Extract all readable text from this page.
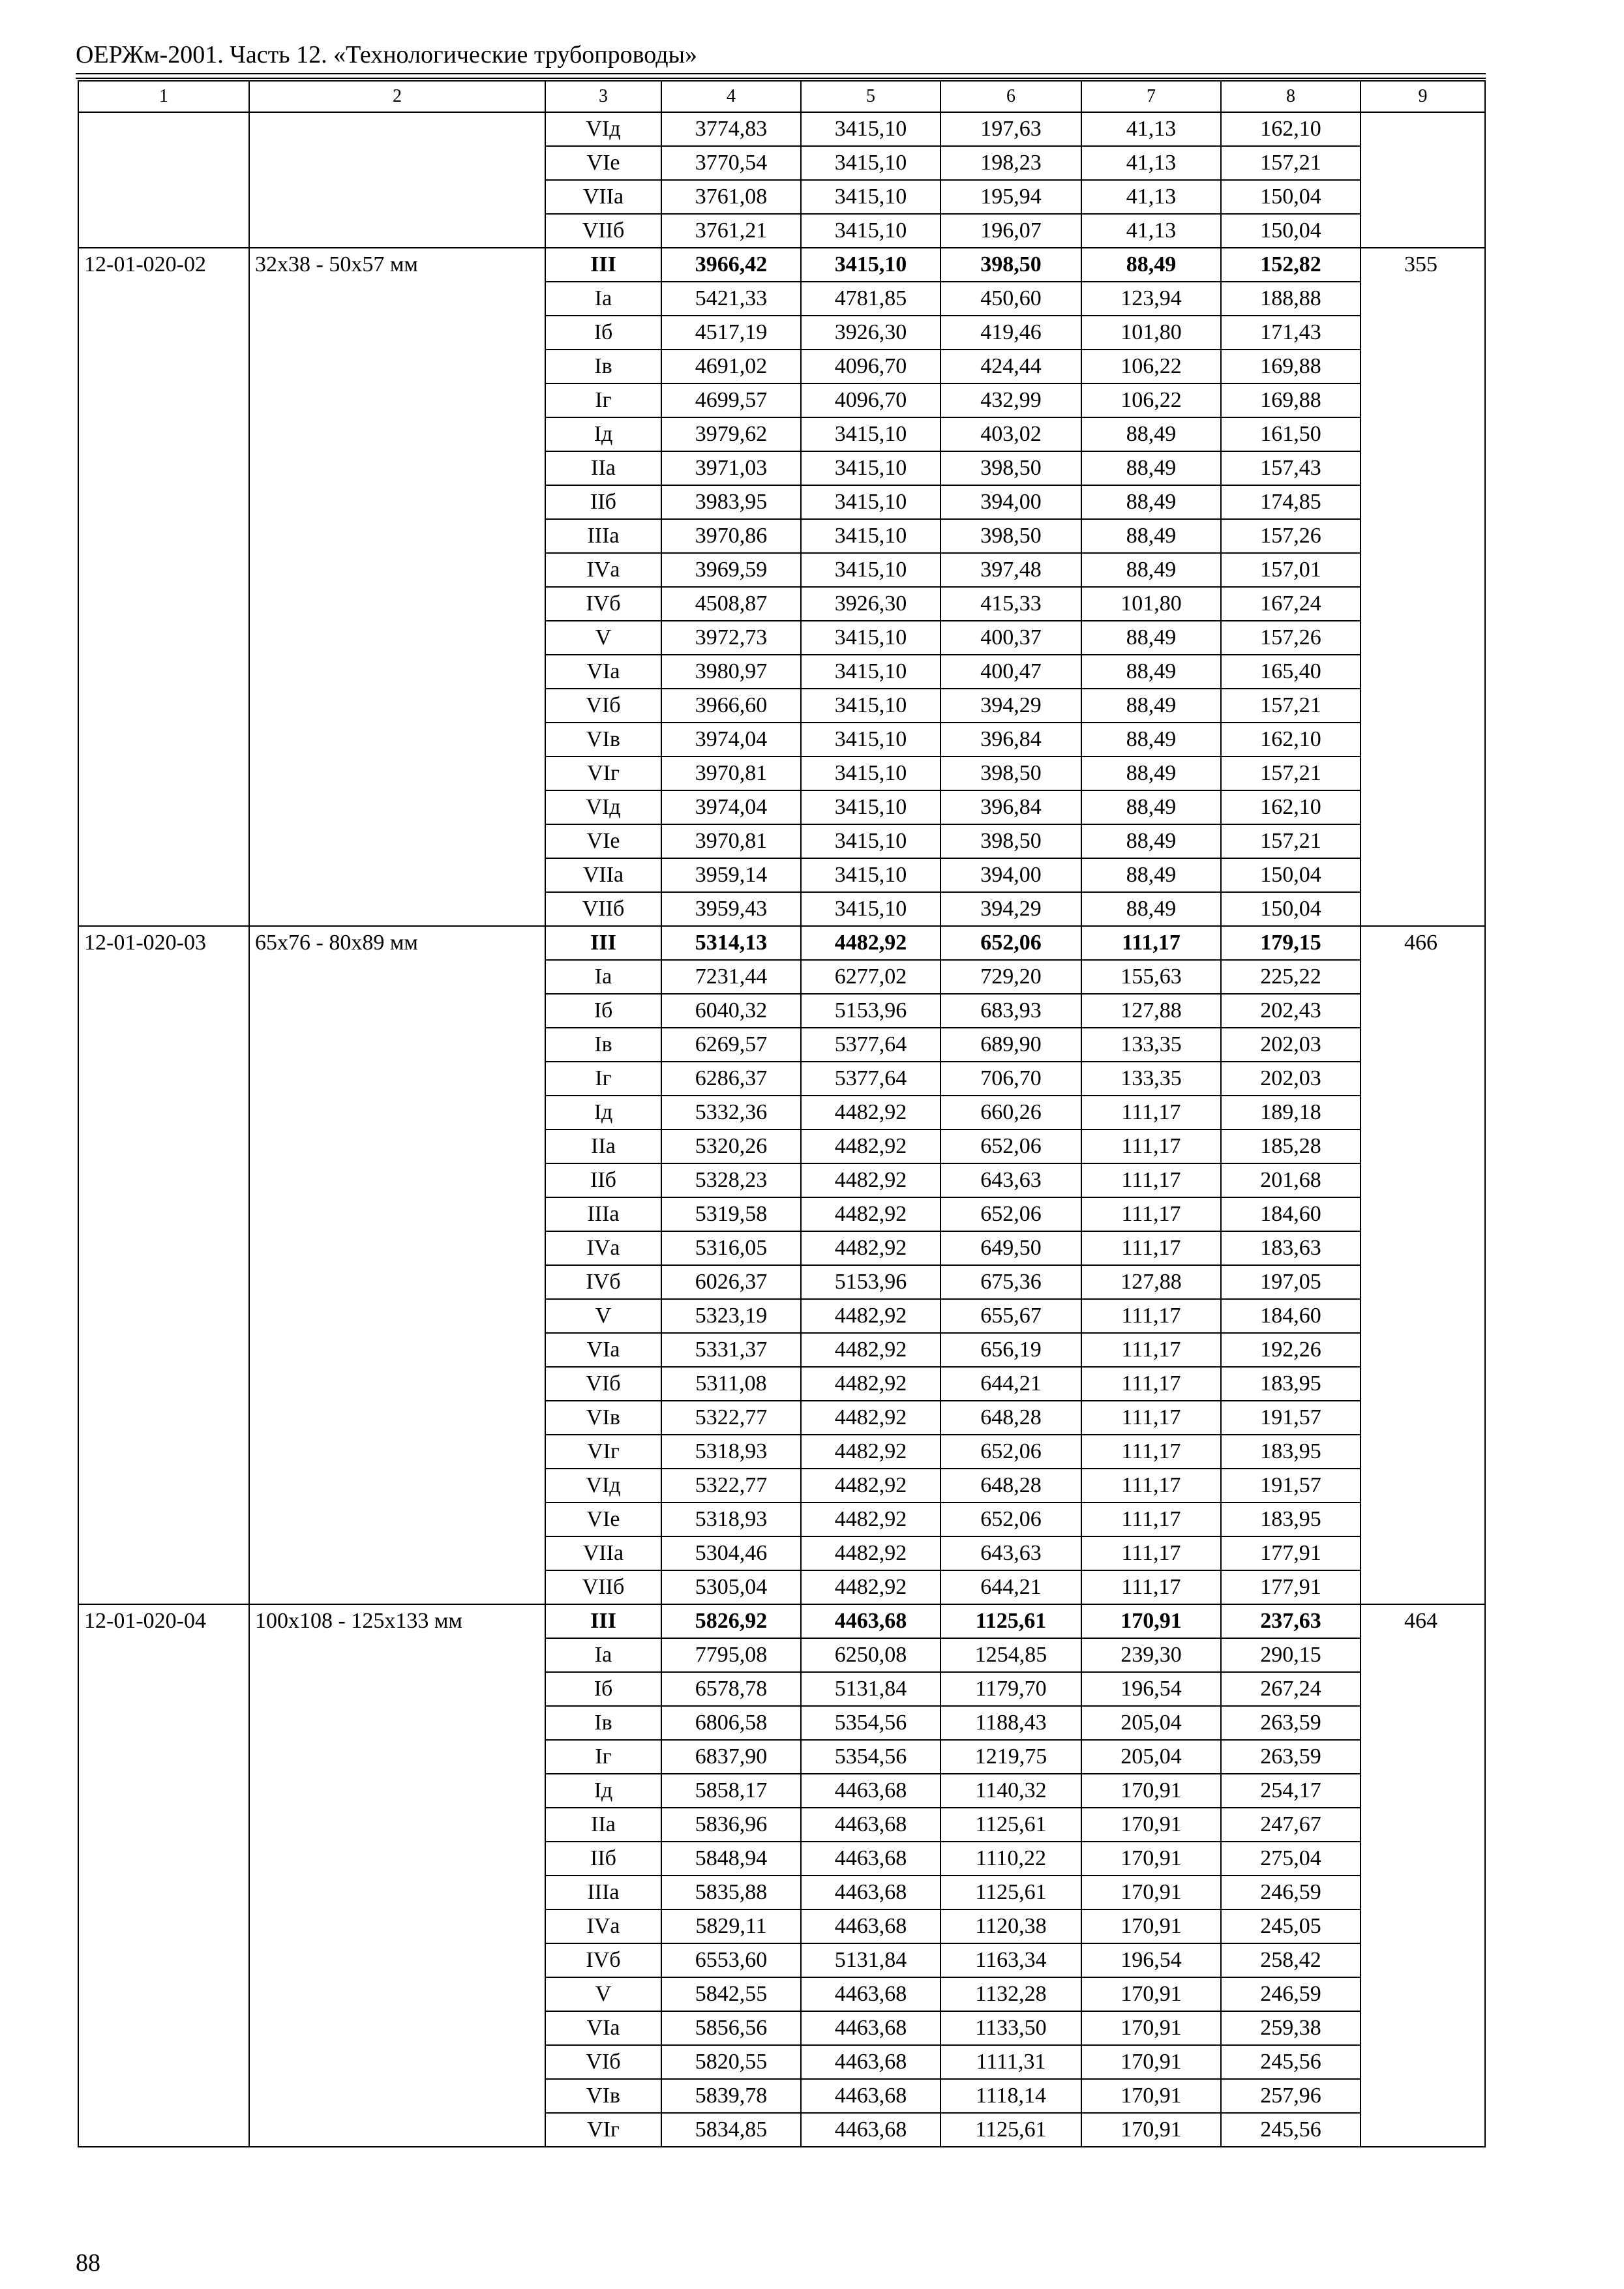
ОЕРЖм-2001. Часть 12. «Технологические трубопроводы»
1	2	3	4	5	6	7	8	9
		VIд	3774,83	3415,10	197,63	41,13	162,10	
		VIе	3770,54	3415,10	198,23	41,13	157,21	
		VIIа	3761,08	3415,10	195,94	41,13	150,04	
		VIIб	3761,21	3415,10	196,07	41,13	150,04	
12-01-020-02	32х38 - 50х57 мм	III	3966,42	3415,10	398,50	88,49	152,82	355
		Iа	5421,33	4781,85	450,60	123,94	188,88	
		Iб	4517,19	3926,30	419,46	101,80	171,43	
		Iв	4691,02	4096,70	424,44	106,22	169,88	
		Iг	4699,57	4096,70	432,99	106,22	169,88	
		Iд	3979,62	3415,10	403,02	88,49	161,50	
		IIа	3971,03	3415,10	398,50	88,49	157,43	
		IIб	3983,95	3415,10	394,00	88,49	174,85	
		IIIа	3970,86	3415,10	398,50	88,49	157,26	
		IVа	3969,59	3415,10	397,48	88,49	157,01	
		IVб	4508,87	3926,30	415,33	101,80	167,24	
		V	3972,73	3415,10	400,37	88,49	157,26	
		VIа	3980,97	3415,10	400,47	88,49	165,40	
		VIб	3966,60	3415,10	394,29	88,49	157,21	
		VIв	3974,04	3415,10	396,84	88,49	162,10	
		VIг	3970,81	3415,10	398,50	88,49	157,21	
		VIд	3974,04	3415,10	396,84	88,49	162,10	
		VIе	3970,81	3415,10	398,50	88,49	157,21	
		VIIа	3959,14	3415,10	394,00	88,49	150,04	
		VIIб	3959,43	3415,10	394,29	88,49	150,04	
12-01-020-03	65х76 - 80х89 мм	III	5314,13	4482,92	652,06	111,17	179,15	466
		Iа	7231,44	6277,02	729,20	155,63	225,22	
		Iб	6040,32	5153,96	683,93	127,88	202,43	
		Iв	6269,57	5377,64	689,90	133,35	202,03	
		Iг	6286,37	5377,64	706,70	133,35	202,03	
		Iд	5332,36	4482,92	660,26	111,17	189,18	
		IIа	5320,26	4482,92	652,06	111,17	185,28	
		IIб	5328,23	4482,92	643,63	111,17	201,68	
		IIIа	5319,58	4482,92	652,06	111,17	184,60	
		IVа	5316,05	4482,92	649,50	111,17	183,63	
		IVб	6026,37	5153,96	675,36	127,88	197,05	
		V	5323,19	4482,92	655,67	111,17	184,60	
		VIа	5331,37	4482,92	656,19	111,17	192,26	
		VIб	5311,08	4482,92	644,21	111,17	183,95	
		VIв	5322,77	4482,92	648,28	111,17	191,57	
		VIг	5318,93	4482,92	652,06	111,17	183,95	
		VIд	5322,77	4482,92	648,28	111,17	191,57	
		VIе	5318,93	4482,92	652,06	111,17	183,95	
		VIIа	5304,46	4482,92	643,63	111,17	177,91	
		VIIб	5305,04	4482,92	644,21	111,17	177,91	
12-01-020-04	100х108 - 125х133 мм	III	5826,92	4463,68	1125,61	170,91	237,63	464
		Iа	7795,08	6250,08	1254,85	239,30	290,15	
		Iб	6578,78	5131,84	1179,70	196,54	267,24	
		Iв	6806,58	5354,56	1188,43	205,04	263,59	
		Iг	6837,90	5354,56	1219,75	205,04	263,59	
		Iд	5858,17	4463,68	1140,32	170,91	254,17	
		IIа	5836,96	4463,68	1125,61	170,91	247,67	
		IIб	5848,94	4463,68	1110,22	170,91	275,04	
		IIIа	5835,88	4463,68	1125,61	170,91	246,59	
		IVа	5829,11	4463,68	1120,38	170,91	245,05	
		IVб	6553,60	5131,84	1163,34	196,54	258,42	
		V	5842,55	4463,68	1132,28	170,91	246,59	
		VIа	5856,56	4463,68	1133,50	170,91	259,38	
		VIб	5820,55	4463,68	1111,31	170,91	245,56	
		VIв	5839,78	4463,68	1118,14	170,91	257,96	
		VIг	5834,85	4463,68	1125,61	170,91	245,56	
88
